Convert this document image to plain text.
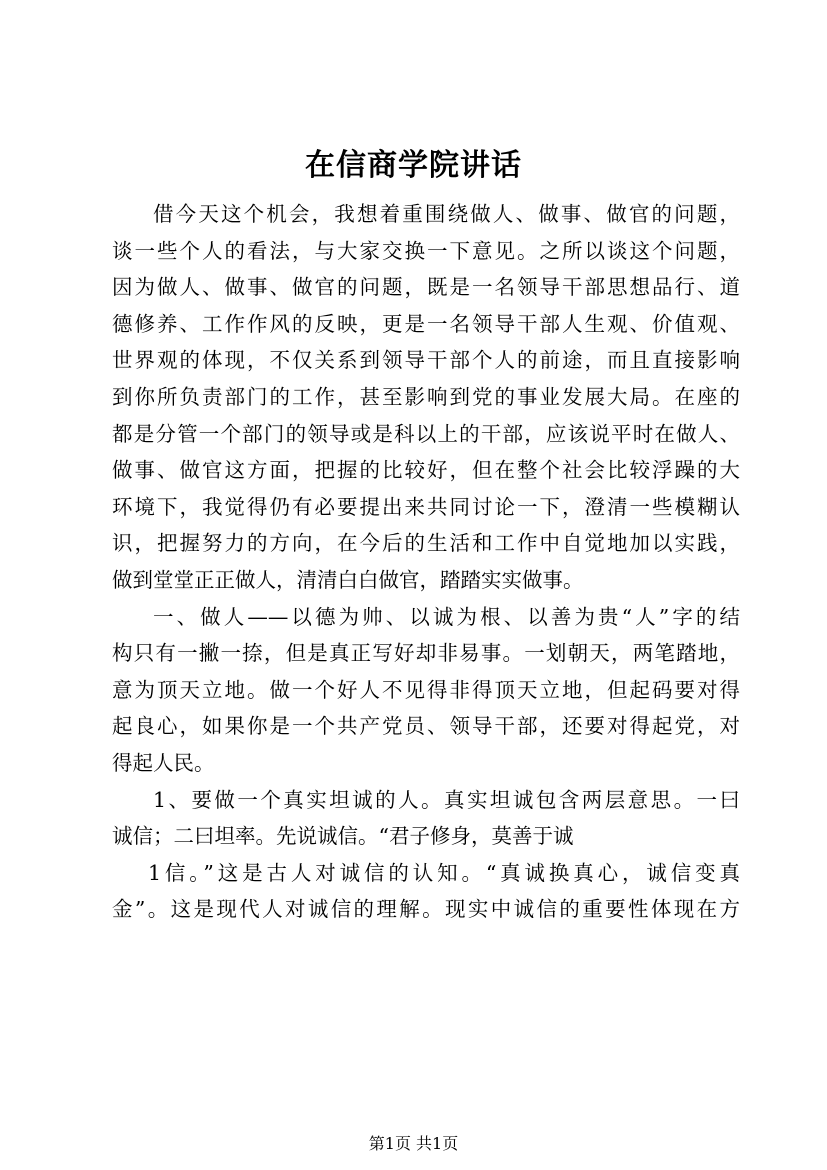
在信商学院讲话
借今天这个机会，我想着重围绕做人、做事、做官的问题，
谈一些个人的看法，与大家交换一下意见。之所以谈这个问题，
因为做人、做事、做官的问题，既是一名领导干部思想品行、道
德修养、工作作风的反映，更是一名领导干部人生观、价值观、
世界观的体现，不仅关系到领导干部个人的前途，而且直接影响
到你所负责部门的工作，甚至影响到党的事业发展大局。在座的
都是分管一个部门的领导或是科以上的干部，应该说平时在做人、
做事、做官这方面，把握的比较好，但在整个社会比较浮躁的大
环境下，我觉得仍有必要提出来共同讨论一下，澄清一些模糊认
识，把握努力的方向，在今后的生活和工作中自觉地加以实践，
做到堂堂正正做人，清清白白做官，踏踏实实做事。
一、做人——以德为帅、以诚为根、以善为贵“人”字的结
构只有一撇一捺，但是真正写好却非易事。一划朝天，两笔踏地，
意为顶天立地。做一个好人不见得非得顶天立地，但起码要对得
起良心，如果你是一个共产党员、领导干部，还要对得起党，对
得起人民。
1、要做一个真实坦诚的人。真实坦诚包含两层意思。一曰
诚信；二曰坦率。先说诚信。“君子修身，莫善于诚
1信。”这是古人对诚信的认知。“真诚换真心，诚信变真
金”。这是现代人对诚信的理解。现实中诚信的重要性体现在方
第1页 共1页
